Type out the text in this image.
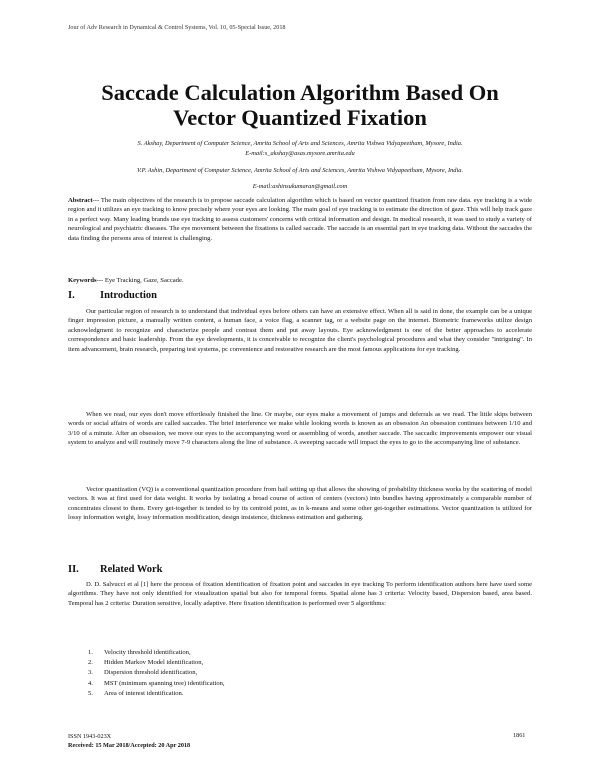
Jour of Adv Research in Dynamical & Control Systems, Vol. 10, 05-Special Issue, 2018
Saccade Calculation Algorithm Based On
Vector Quantized Fixation
S. Akshay, Department of Computer Science, Amrita School of Arts and Sciences, Amrita Vishwa Vidyapeetham, Mysore, India.
E-mail:s_akshay@asas.mysore.amrita.edu
V.P. Ashin, Department of Computer Science, Amrita School of Arts and Sciences, Amrita Vishwa Vidyapeetham, Mysore, India.
E-mail:ashinsukumaran@gmail.com

Abstract--- The main objectives of the research is to propose saccade calculation algorithm which is based on vector quantized fixation from raw data. eye tracking is a wide region and it utilizes an eye tracking to know precisely where your eyes are looking. The main goal of eye tracking is to estimate the direction of gaze. This will help track gaze in a perfect way. Many leading brands use eye tracking to assess customers' concerns with critical information and design. In medical research, it was used to study a variety of neurological and psychiatric diseases. The eye movement between the fixations is called saccade. The saccade is an essential part in eye tracking data. Without the saccades the data finding the persons area of interest is challenging.

Keywords--- Eye Tracking, Gaze, Saccade.

I. Introduction

Our particular region of research is to understand that individual eyes before others can have an extensive effect. When all is said in done, the example can be a unique finger impression picture, a manually written content, a human face, a voice flag, a scanner tag, or a website page on the internet. Biometric frameworks utilize design acknowledgment to recognize and characterize people and contrast them and put away layouts. Eye acknowledgment is one of the better approaches to accelerate correspondence and basic leadership. From the eye developments, it is conceivable to recognize the client's psychological procedures and what they consider "intriguing". In item advancement, brain research, preparing test systems, pc convenience and restorative research are the most famous applications for eye tracking.

When we read, our eyes don't move effortlessly finished the line. Or maybe, our eyes make a movement of jumps and deferrals as we read. The little skips between words or social affairs of words are called saccades. The brief interference we make while looking words is known as an obsession An obsession continues between 1/10 and 3/10 of a minute. After an obsession, we move our eyes to the accompanying word or assembling of words, another saccade. The saccadic improvements empower our visual system to analyze and will routinely move 7-9 characters along the line of substance. A sweeping saccade will impact the eyes to go to the accompanying line of substance.

Vector quantization (VQ) is a conventional quantization procedure from hail setting up that allows the showing of probability thickness works by the scattering of model vectors. It was at first used for data weight. It works by isolating a broad course of action of centers (vectors) into bundles having approximately a comparable number of concentrates closest to them. Every get-together is tended to by its centroid point, as in k-means and some other get-together estimations. Vector quantization is utilized for lossy information weight, lossy information modification, design insistence, thickness estimation and gathering.

II. Related Work

D. D. Salvucci et al [1] here the process of fixation identification of fixation point and saccades in eye tracking To perform identification authors here have used some algorithms. They have not only identified for visualization spatial but also for temporal forms. Spatial alone has 3 criteria: Velocity based, Dispersion based, area based. Temporal has 2 criteria: Duration sensitive, locally adaptive. Here fixation identification is performed over 5 algorithms:

1. Velocity threshold identification,
2. Hidden Markov Model identification,
3. Dispersion threshold identification,
4. MST (minimum spanning tree) identification,
5. Area of interest identification.
ISSN 1943-023X
Received: 15 Mar 2018/Accepted: 20 Apr 2018
1861
